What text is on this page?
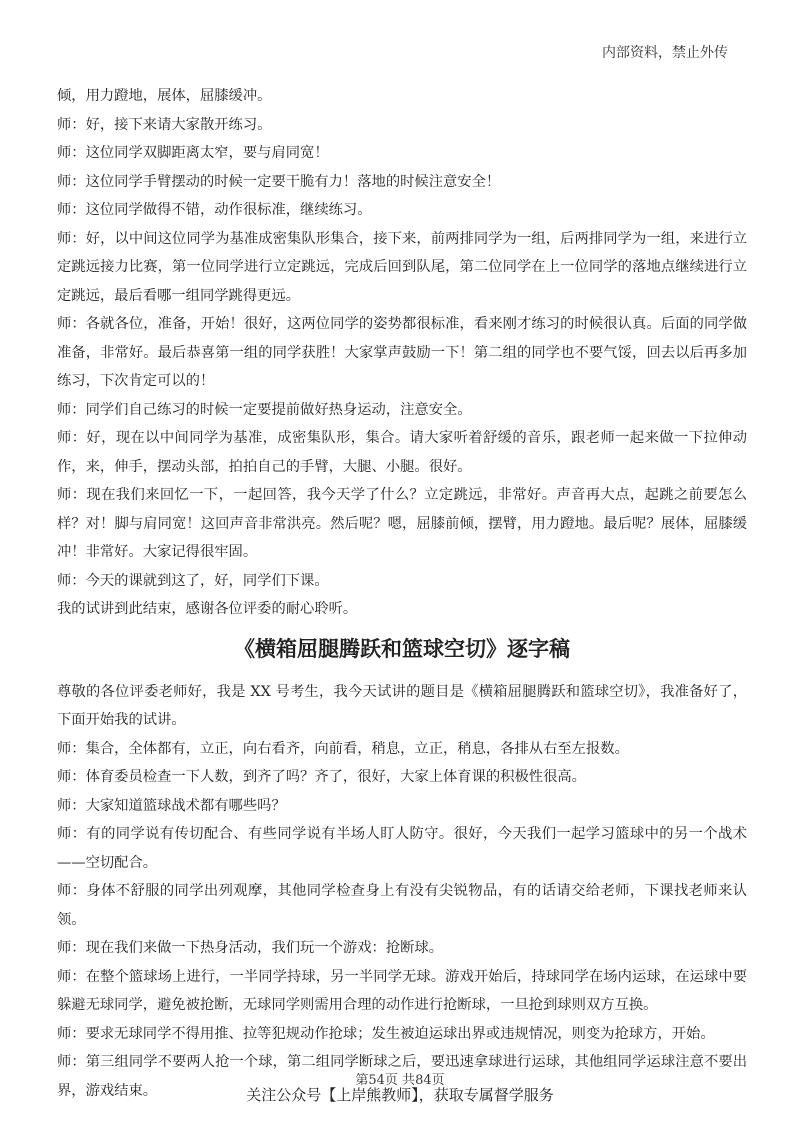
内部资料，禁止外传

倾，用力蹬地，展体，屈膝缓冲。

师：好，接下来请大家散开练习。

师：这位同学双脚距离太窄，要与肩同宽！

师：这位同学手臂摆动的时候一定要干脆有力！落地的时候注意安全！

师：这位同学做得不错，动作很标准，继续练习。

师：好，以中间这位同学为基准成密集队形集合，接下来，前两排同学为一组，后两排同学为一组，来进行立定跳远接力比赛，第一位同学进行立定跳远，完成后回到队尾，第二位同学在上一位同学的落地点继续进行立定跳远，最后看哪一组同学跳得更远。

师：各就各位，准备，开始！很好，这两位同学的姿势都很标准，看来刚才练习的时候很认真。后面的同学做准备，非常好。最后恭喜第一组的同学获胜！大家掌声鼓励一下！第二组的同学也不要气馁，回去以后再多加练习，下次肯定可以的！

师：同学们自己练习的时候一定要提前做好热身运动，注意安全。

师：好，现在以中间同学为基准，成密集队形，集合。请大家听着舒缓的音乐，跟老师一起来做一下拉伸动作，来，伸手，摆动头部，拍拍自己的手臂，大腿、小腿。很好。

师：现在我们来回忆一下，一起回答，我今天学了什么？立定跳远，非常好。声音再大点，起跳之前要怎么样？对！脚与肩同宽！这回声音非常洪亮。然后呢？嗯，屈膝前倾，摆臂，用力蹬地。最后呢？展体，屈膝缓冲！非常好。大家记得很牢固。

师：今天的课就到这了，好，同学们下课。

我的试讲到此结束，感谢各位评委的耐心聆听。

《横箱屈腿腾跃和篮球空切》逐字稿

尊敬的各位评委老师好，我是 XX 号考生，我今天试讲的题目是《横箱屈腿腾跃和篮球空切》，我准备好了，下面开始我的试讲。

师：集合，全体都有，立正，向右看齐，向前看，稍息，立正，稍息，各排从右至左报数。

师：体育委员检查一下人数，到齐了吗？齐了，很好，大家上体育课的积极性很高。

师：大家知道篮球战术都有哪些吗？

师：有的同学说有传切配合、有些同学说有半场人盯人防守。很好，今天我们一起学习篮球中的另一个战术——空切配合。

师：身体不舒服的同学出列观摩，其他同学检查身上有没有尖锐物品，有的话请交给老师，下课找老师来认领。

师：现在我们来做一下热身活动，我们玩一个游戏：抢断球。

师：在整个篮球场上进行，一半同学持球，另一半同学无球。游戏开始后，持球同学在场内运球，在运球中要躲避无球同学，避免被抢断，无球同学则需用合理的动作进行抢断球，一旦抢到球则双方互换。

师：要求无球同学不得用推、拉等犯规动作抢球；发生被迫运球出界或违规情况，则变为抢球方，开始。

师：第三组同学不要两人抢一个球，第二组同学断球之后，要迅速拿球进行运球，其他组同学运球注意不要出界，游戏结束。

第54页 共84页
关注公众号【上岸熊教师】，获取专属督学服务
